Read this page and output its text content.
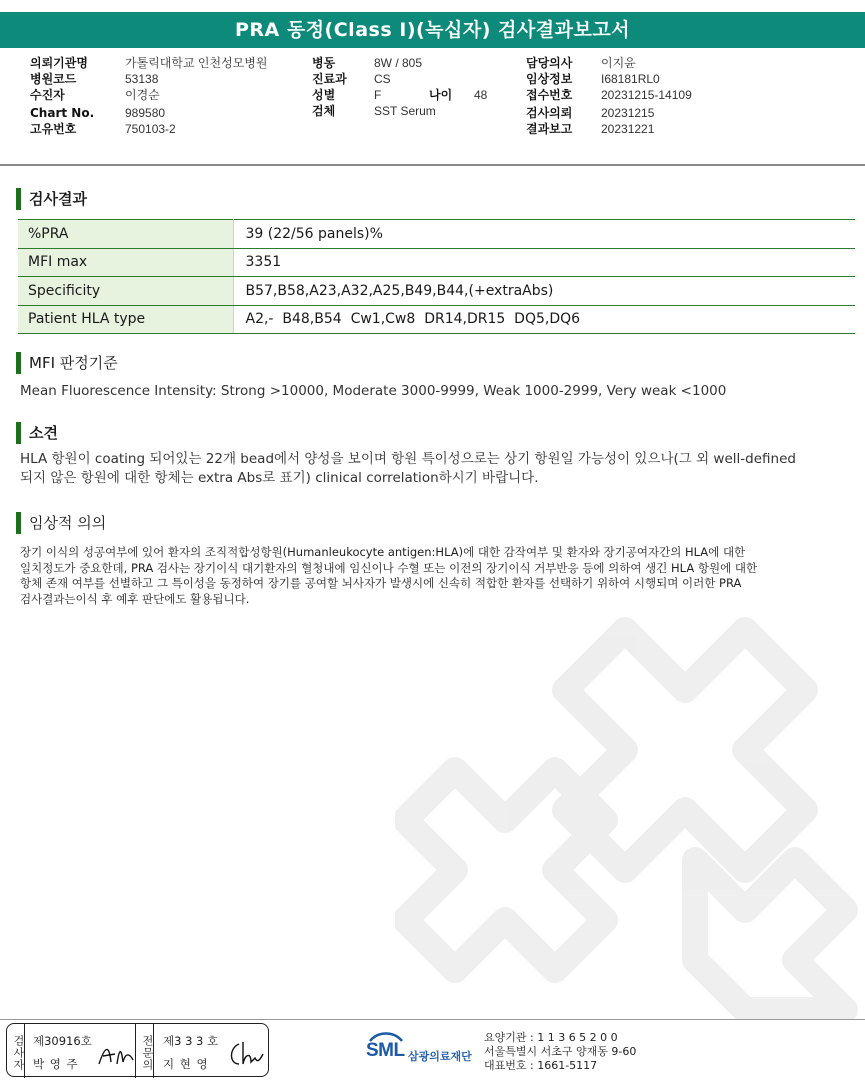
PRA 동정(Class I)(녹십자) 검사결과보고서
의뢰기관명	가톨릭대학교 인천성모병원
병원코드	53138
수진자	이경순
Chart No.	989580
고유번호	750103-2
병동	8W / 805
진료과 CS
성별	F	나이 48
검체	SST Serum
담당의사 이지윤
임상정보 I68181RL0
접수번호 20231215-14109
검사의뢰 20231215
결과보고 20231221
검사결과
%PRA	39 (22/56 panels)%
MFI max	3351
Specificity	B57,B58,A23,A32,A25,B49,B44,(+extraAbs)
Patient HLA type	A2,-  B48,B54  Cw1,Cw8  DR14,DR15  DQ5,DQ6
MFI 판정기준
Mean Fluorescence Intensity: Strong >10000, Moderate 3000-9999, Weak 1000-2999, Very weak <1000
소견
HLA 항원이 coating 되어있는 22개 bead에서 양성을 보이며 항원 특이성으로는 상기 항원일 가능성이 있으나(그 외 well-defined
되지 않은 항원에 대한 항체는 extra Abs로 표기) clinical correlation하시기 바랍니다.
임상적 의의
장기 이식의 성공여부에 있어 환자의 조직적합성항원(Humanleukocyte antigen:HLA)에 대한 감작여부 및 환자와 장기공여자간의 HLA에 대한
일치정도가 중요한데, PRA 검사는 장기이식 대기환자의 혈청내에 임신이나 수혈 또는 이전의 장기이식 거부반응 등에 의하여 생긴 HLA 항원에 대한
항체 존재 여부를 선별하고 그 특이성을 동정하여 장기를 공여할 뇌사자가 발생시에 신속히 적합한 환자를 선택하기 위하여 시행되며 이러한 PRA
검사결과는이식 후 예후 판단에도 활용됩니다.
검사자 제30916호
박 영 주	전문의 제3 3 3 호
지 현 영
SML 삼광의료재단
요양기관 : 1 1 3 6 5 2 0 0
서울특별시 서초구 양재동 9-60
대표번호 : 1661-5117
